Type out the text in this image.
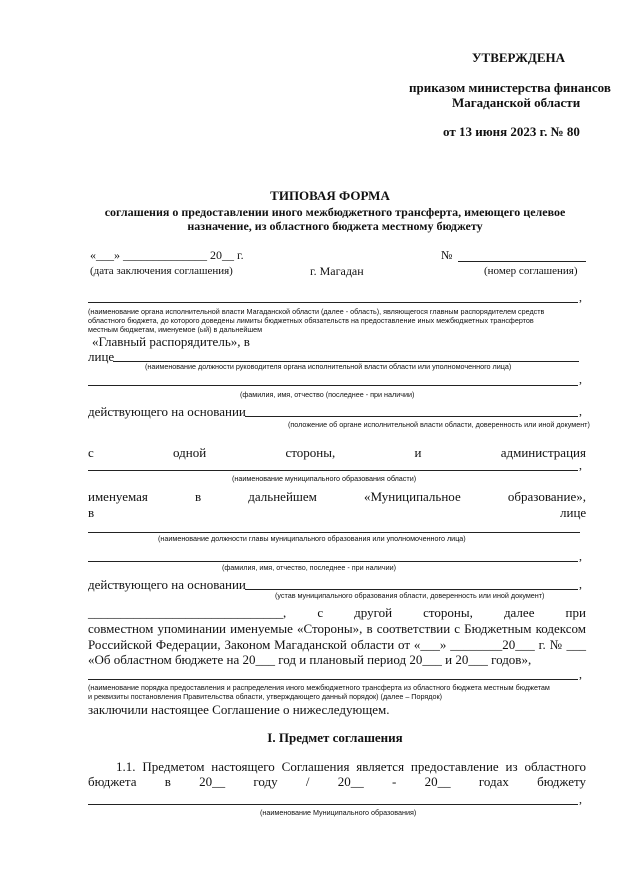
УТВЕРЖДЕНА
приказом министерства финансов
Магаданской области
от 13 июня 2023 г. № 80
ТИПОВАЯ ФОРМА
соглашения о предоставлении иного межбюджетного трансферта, имеющего целевое
назначение, из областного бюджета местному бюджету
«___» ______________ 20__ г.	№
(дата заключения соглашения)	г. Магадан	(номер соглашения)
,
(наименование органа исполнительной власти Магаданской области (далее - область), являющегося главным распорядителем средств
областного бюджета, до которого доведены лимиты бюджетных обязательств на предоставление иных межбюджетных трансфертов
местным бюджетам, именуемое (ый) в дальнейшем
«Главный распорядитель», в
лице
(наименование должности руководителя органа исполнительной власти области или уполномоченного лица)
,
(фамилия, имя, отчество (последнее - при наличии)
действующего на основании	,
(положение об органе исполнительной власти области, доверенность или иной документ)
с	одной	стороны,	и	администрация
,
(наименование муниципального образования области)
именуемая	в	дальнейшем	«Муниципальное	образование»,
в	лице
(наименование должности главы муниципального образования или уполномоченного лица)
,
(фамилия, имя, отчество, последнее - при наличии)
действующего на основании	,
(устав муниципального образования области, доверенность или иной документ)
______________________________, с другой стороны, далее при
совместном упоминании именуемые «Стороны», в соответствии с Бюджетным кодексом
Российской Федерации, Законом Магаданской области от «___» ________20___ г. № ___
«Об областном бюджете на 20___ год и плановый период 20___ и 20___ годов»,
,
(наименование порядка предоставления и распределения иного межбюджетного трансферта из областного бюджета местным бюджетам
и реквизиты постановления Правительства области, утверждающего данный порядок) (далее – Порядок)
заключили настоящее Соглашение о нижеследующем.
I. Предмет соглашения
1.1. Предметом настоящего Соглашения является предоставление из областного
бюджета в 20__ году / 20__ - 20__ годах бюджету
,
(наименование Муниципального образования)
